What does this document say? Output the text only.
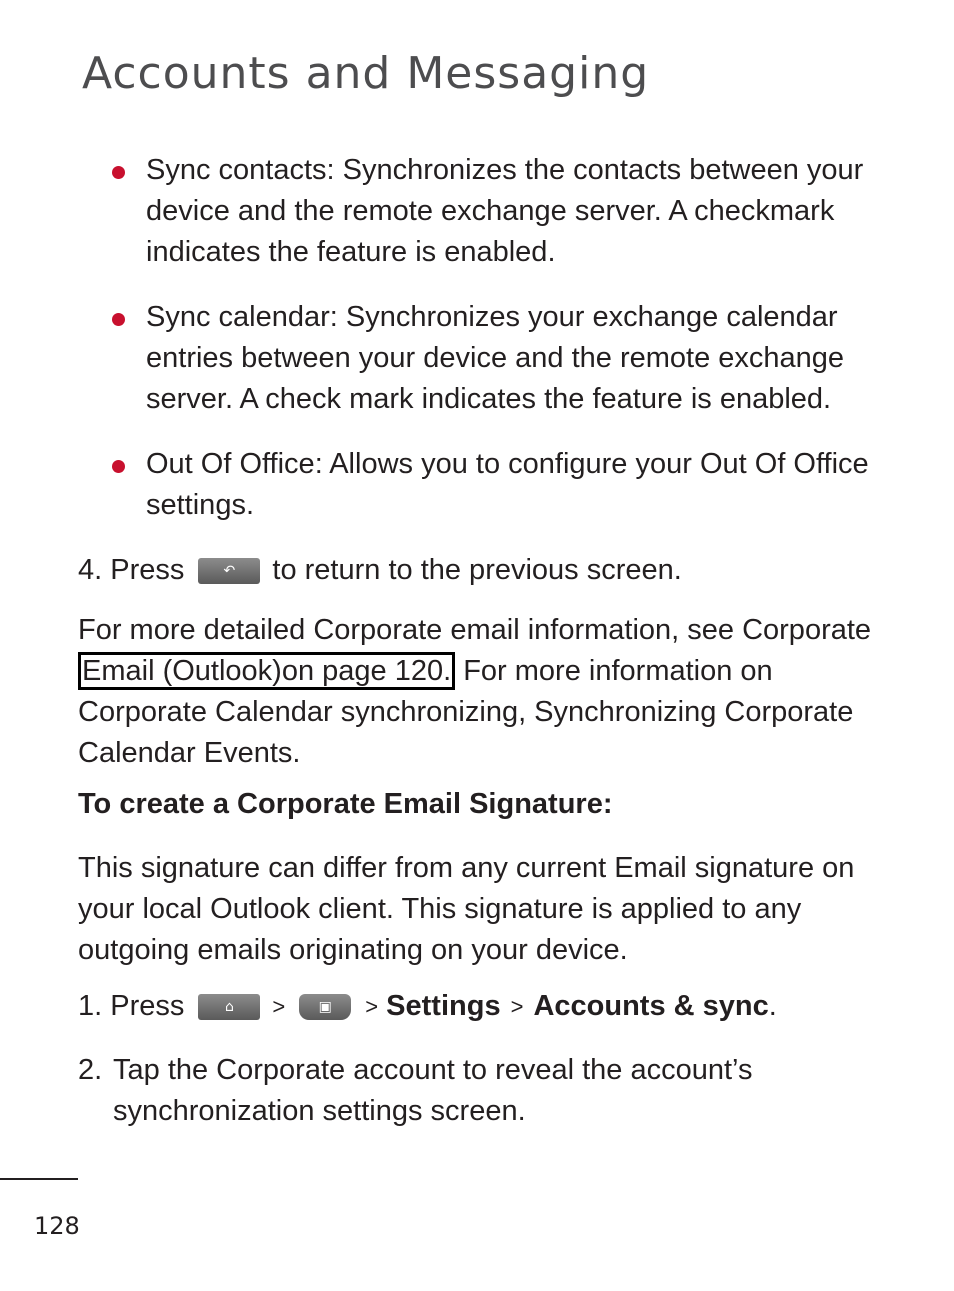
Accounts and Messaging
Sync contacts: Synchronizes the contacts between your device and the remote exchange server. A checkmark indicates the feature is enabled.
Sync calendar: Synchronizes your exchange calendar entries between your device and the remote exchange server. A check mark indicates the feature is enabled.
Out Of Office: Allows you to configure your Out Of Office settings.
4.
Press	↶	to return to the previous screen.
For more detailed Corporate email information, see Corporate Email (Outlook)on page 120. For more information on Corporate Calendar synchronizing, Synchronizing Corporate Calendar Events.
To create a Corporate Email Signature:
This signature can differ from any current Email signature on your local Outlook client. This signature is applied to any outgoing emails originating on your device.
1.
Press	⌂	>	▣	>
Settings > Accounts & sync .
2. Tap the Corporate account to reveal the account’s synchronization settings screen.
128
